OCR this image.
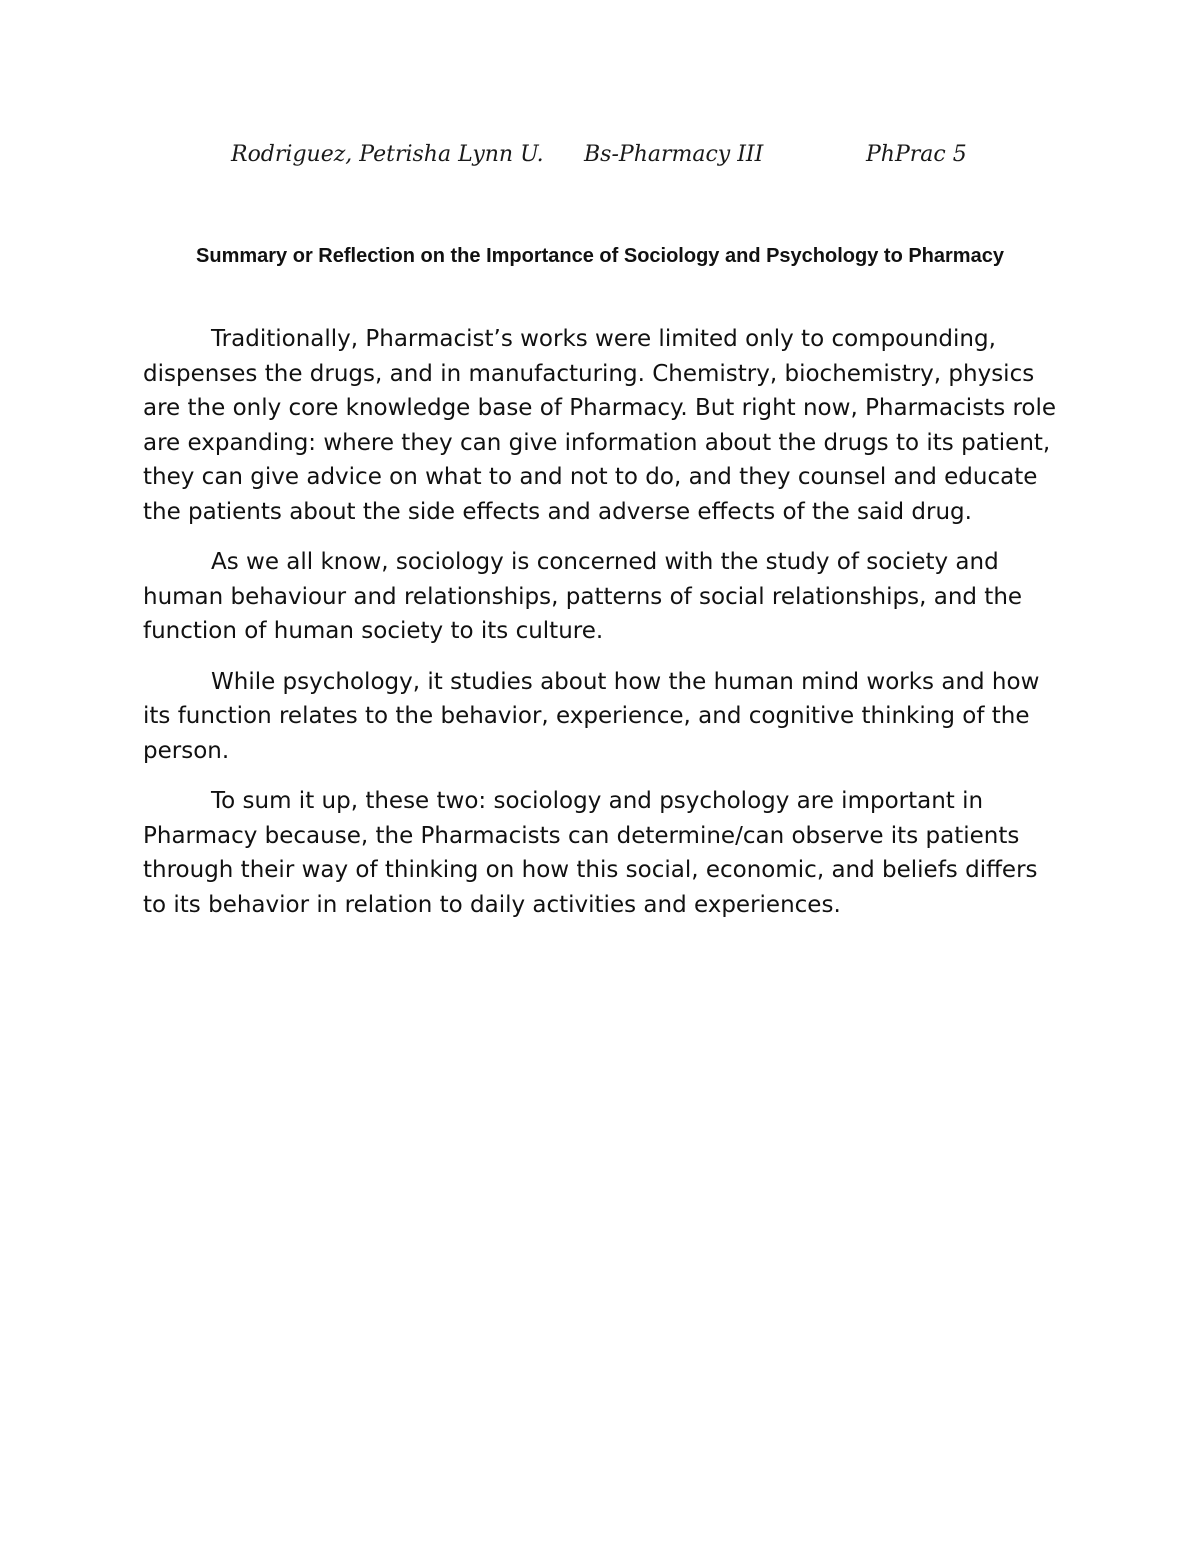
Rodriguez, Petrisha Lynn U. Bs-Pharmacy III	PhPrac 5
Summary or Reflection on the Importance of Sociology and Psychology to Pharmacy

Traditionally, Pharmacist’s works were limited only to compounding, dispenses the drugs, and in manufacturing. Chemistry, biochemistry, physics are the only core knowledge base of Pharmacy. But right now, Pharmacists role are expanding: where they can give information about the drugs to its patient, they can give advice on what to and not to do, and they counsel and educate the patients about the side effects and adverse effects of the said drug.

As we all know, sociology is concerned with the study of society and human behaviour and relationships, patterns of social relationships, and the function of human society to its culture.

While psychology, it studies about how the human mind works and how its function relates to the behavior, experience, and cognitive thinking of the person.

To sum it up, these two: sociology and psychology are important in Pharmacy because, the Pharmacists can determine/can observe its patients through their way of thinking on how this social, economic, and beliefs differs to its behavior in relation to daily activities and experiences.
